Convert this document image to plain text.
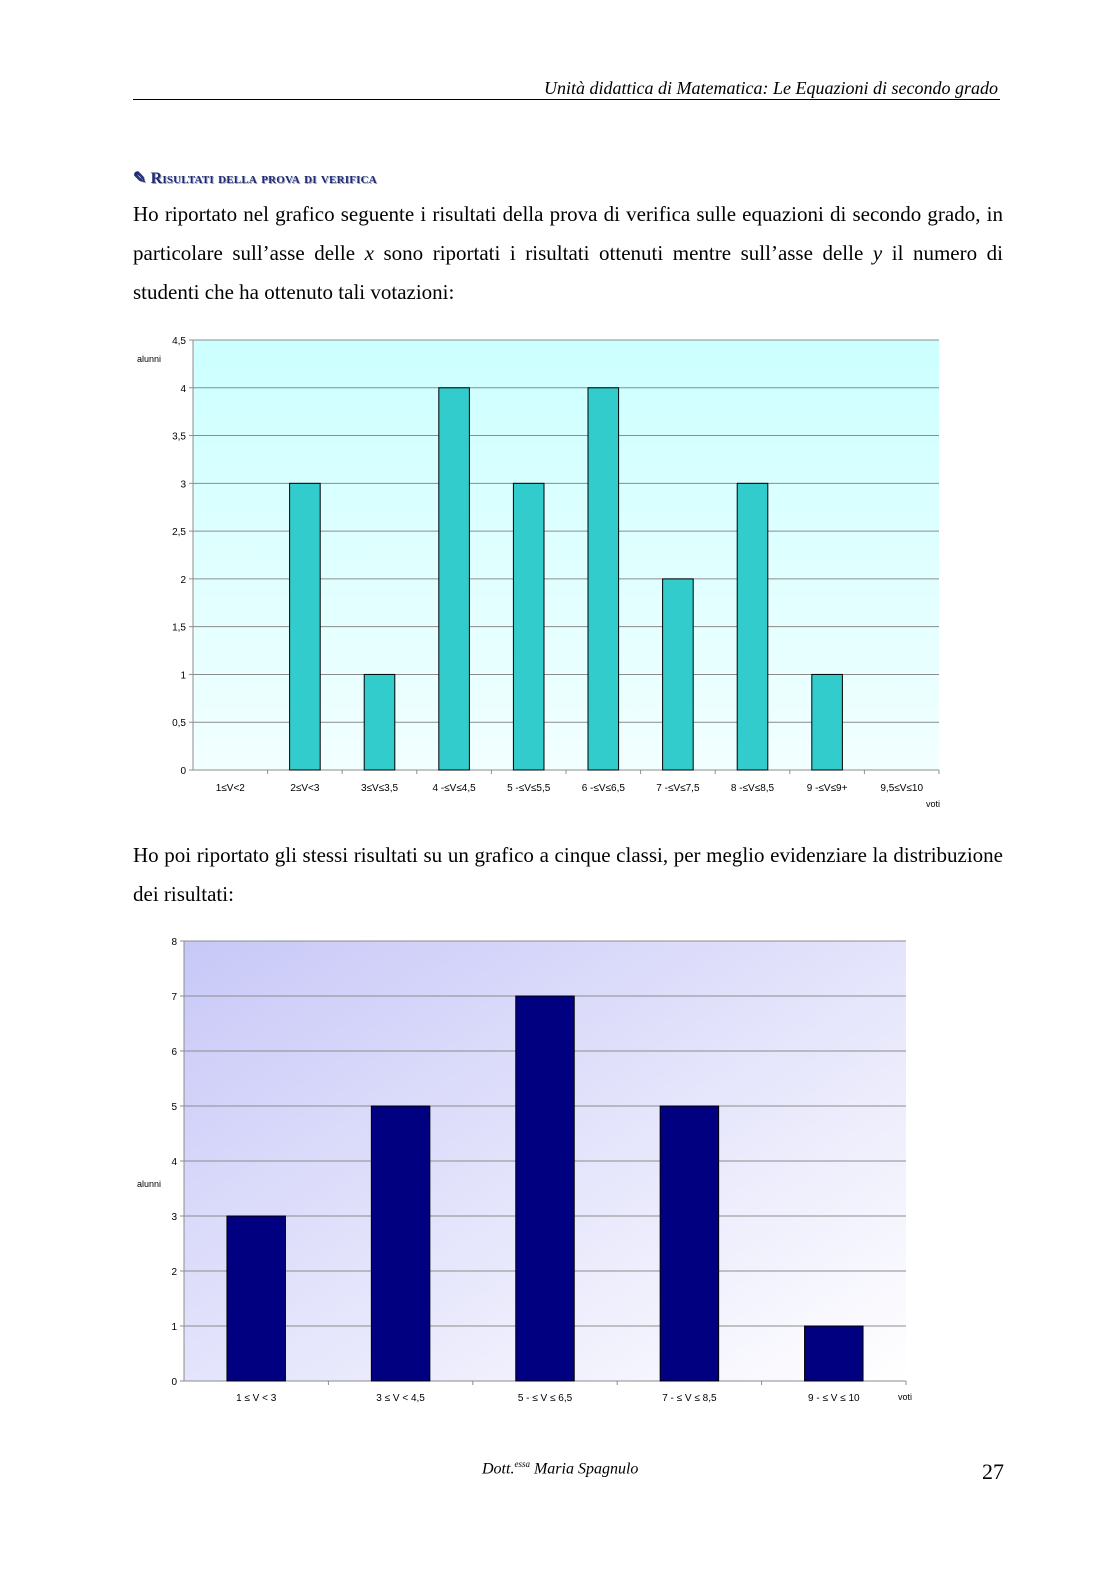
Unità didattica di Matematica: Le Equazioni di secondo grado
✎ Risultati della prova di verifica
Ho riportato nel grafico seguente i risultati della prova di verifica sulle equazioni di secondo grado, in particolare sull’asse delle x sono riportati i risultati ottenuti mentre sull’asse delle y il numero di studenti che ha ottenuto tali votazioni:
0
0,5
1
1,5
2
2,5
3
3,5
4
4,5
1≤V<2	2≤V<3	3≤V≤3,5	4 -≤V≤4,5	5 -≤V≤5,5	6 -≤V≤6,5	7 -≤V≤7,5	8 -≤V≤8,5	9 -≤V≤9+	9,5≤V≤10
alunni
voti
Ho poi riportato gli stessi risultati su un grafico a cinque classi, per meglio evidenziare la distribuzione dei risultati:
0
1
2
3
4
5
6
7
8
1 ≤ V < 3	3 ≤ V < 4,5	5 - ≤ V ≤ 6,5	7 - ≤ V ≤ 8,5	9 - ≤ V ≤ 10
alunni
voti
Dott.$^{essa}$ Maria Spagnulo	27
